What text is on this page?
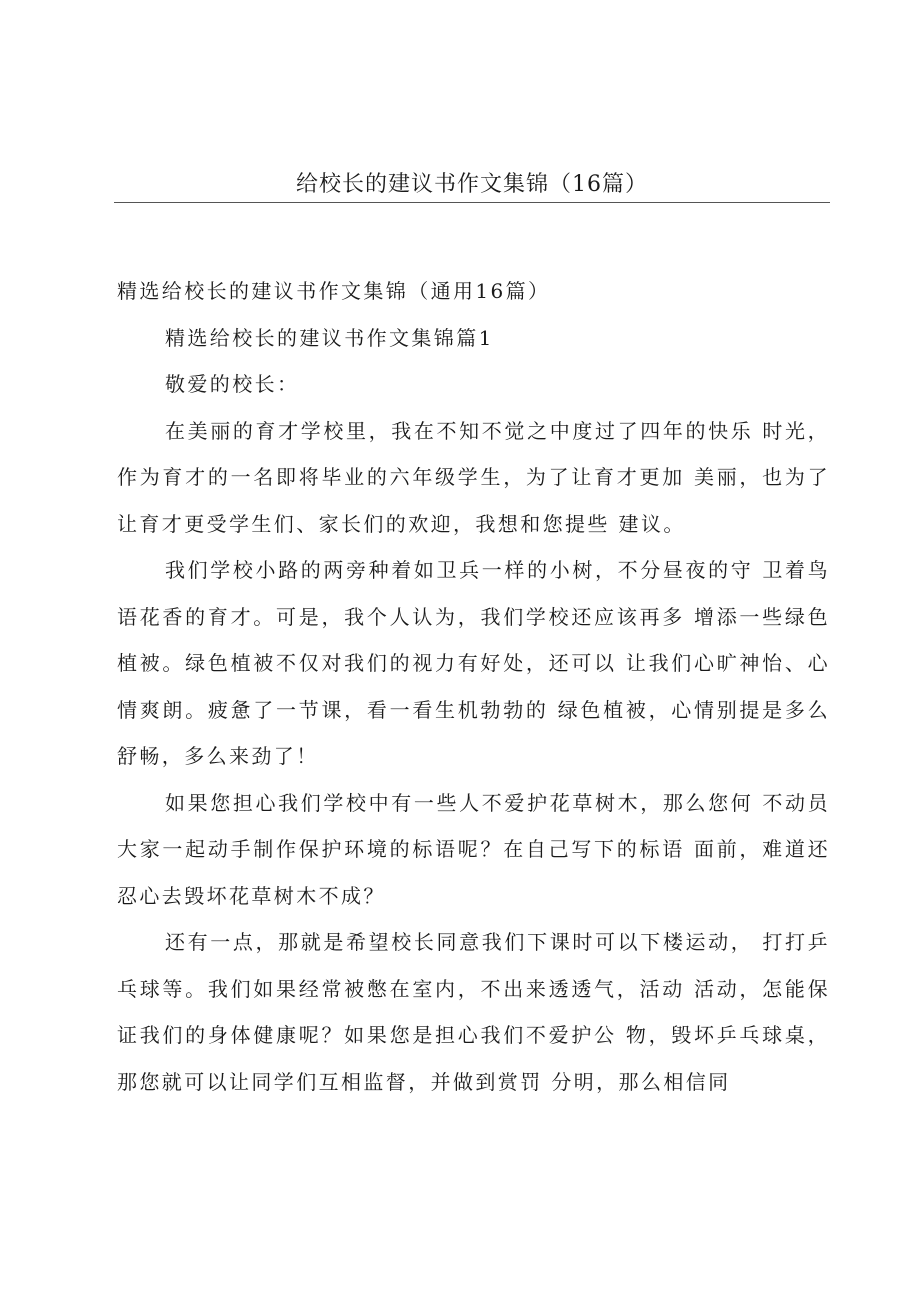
给校长的建议书作文集锦（16篇）

精选给校长的建议书作文集锦（通用16篇）

精选给校长的建议书作文集锦篇1

敬爱的校长：

在美丽的育才学校里，我在不知不觉之中度过了四年的快乐 时光，作为育才的一名即将毕业的六年级学生，为了让育才更加 美丽，也为了让育才更受学生们、家长们的欢迎，我想和您提些 建议。

我们学校小路的两旁种着如卫兵一样的小树，不分昼夜的守 卫着鸟语花香的育才。可是，我个人认为，我们学校还应该再多 增添一些绿色植被。绿色植被不仅对我们的视力有好处，还可以 让我们心旷神怡、心情爽朗。疲惫了一节课，看一看生机勃勃的 绿色植被，心情别提是多么舒畅，多么来劲了！

如果您担心我们学校中有一些人不爱护花草树木，那么您何 不动员大家一起动手制作保护环境的标语呢？在自己写下的标语 面前，难道还忍心去毁坏花草树木不成？

还有一点，那就是希望校长同意我们下课时可以下楼运动， 打打乒乓球等。我们如果经常被憋在室内，不出来透透气，活动 活动，怎能保证我们的身体健康呢？如果您是担心我们不爱护公 物，毁坏乒乓球桌，那您就可以让同学们互相监督，并做到赏罚 分明，那么相信同
